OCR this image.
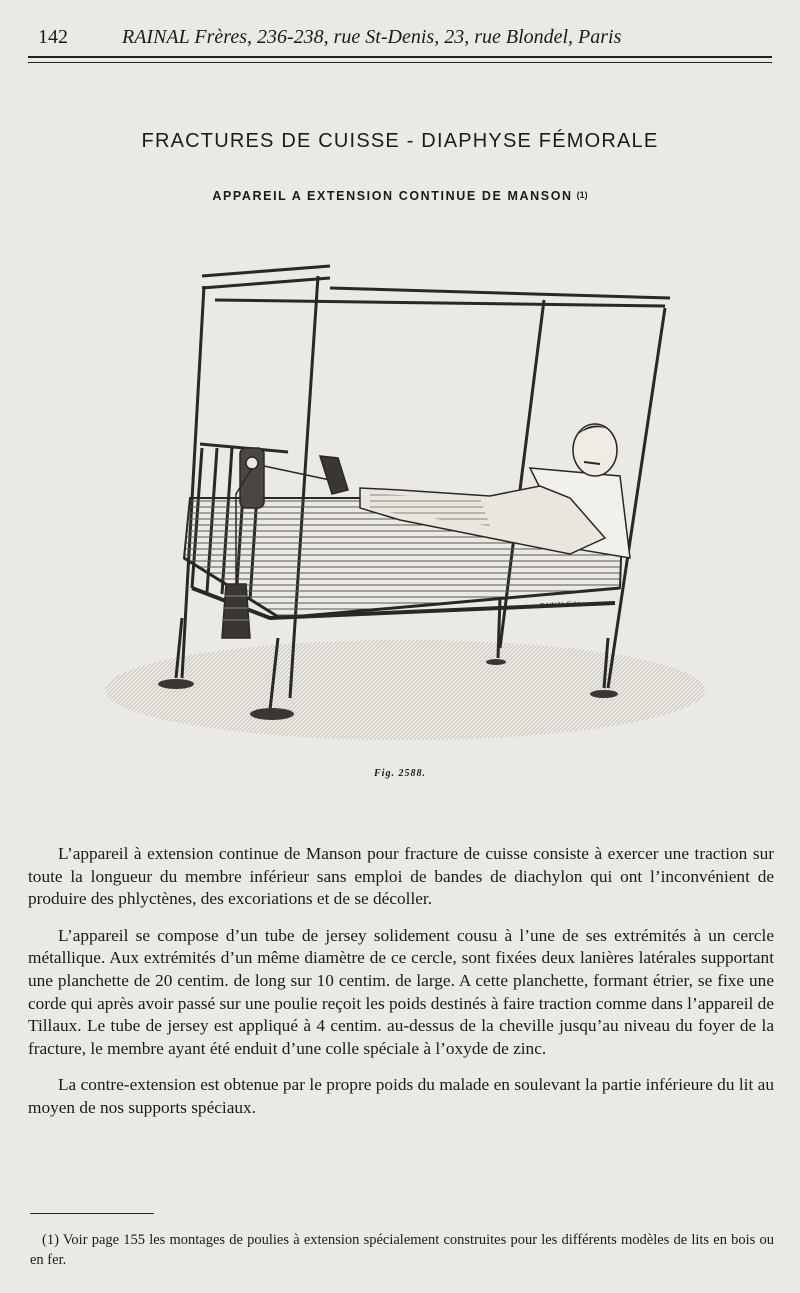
142	RAINAL Frères, 236-238, rue St-Denis, 23, rue Blondel, Paris
FRACTURES DE CUISSE - DIAPHYSE FÉMORALE
APPAREIL A EXTENSION CONTINUE DE MANSON $^{(1)}$
RAINAL Frès
Fig. 2588.

L’appareil à extension continue de Manson pour fracture de cuisse consiste à exercer une traction sur toute la longueur du membre inférieur sans emploi de bandes de diachylon qui ont l’inconvénient de produire des phlyctènes, des excoriations et de se décoller.

L’appareil se compose d’un tube de jersey solidement cousu à l’une de ses extrémités à un cercle métallique. Aux extrémités d’un même diamètre de ce cercle, sont fixées deux lanières latérales supportant une planchette de 20 centim. de long sur 10 centim. de large. A cette planchette, formant étrier, se fixe une corde qui après avoir passé sur une poulie reçoit les poids destinés à faire traction comme dans l’appareil de Tillaux. Le tube de jersey est appliqué à 4 centim. au-dessus de la cheville jusqu’au niveau du foyer de la fracture, le membre ayant été enduit d’une colle spéciale à l’oxyde de zinc.

La contre-extension est obtenue par le propre poids du malade en soulevant la partie inférieure du lit au moyen de nos supports spéciaux.

(1) Voir page 155 les montages de poulies à extension spécialement construites pour les différents modèles de lits en bois ou en fer.
